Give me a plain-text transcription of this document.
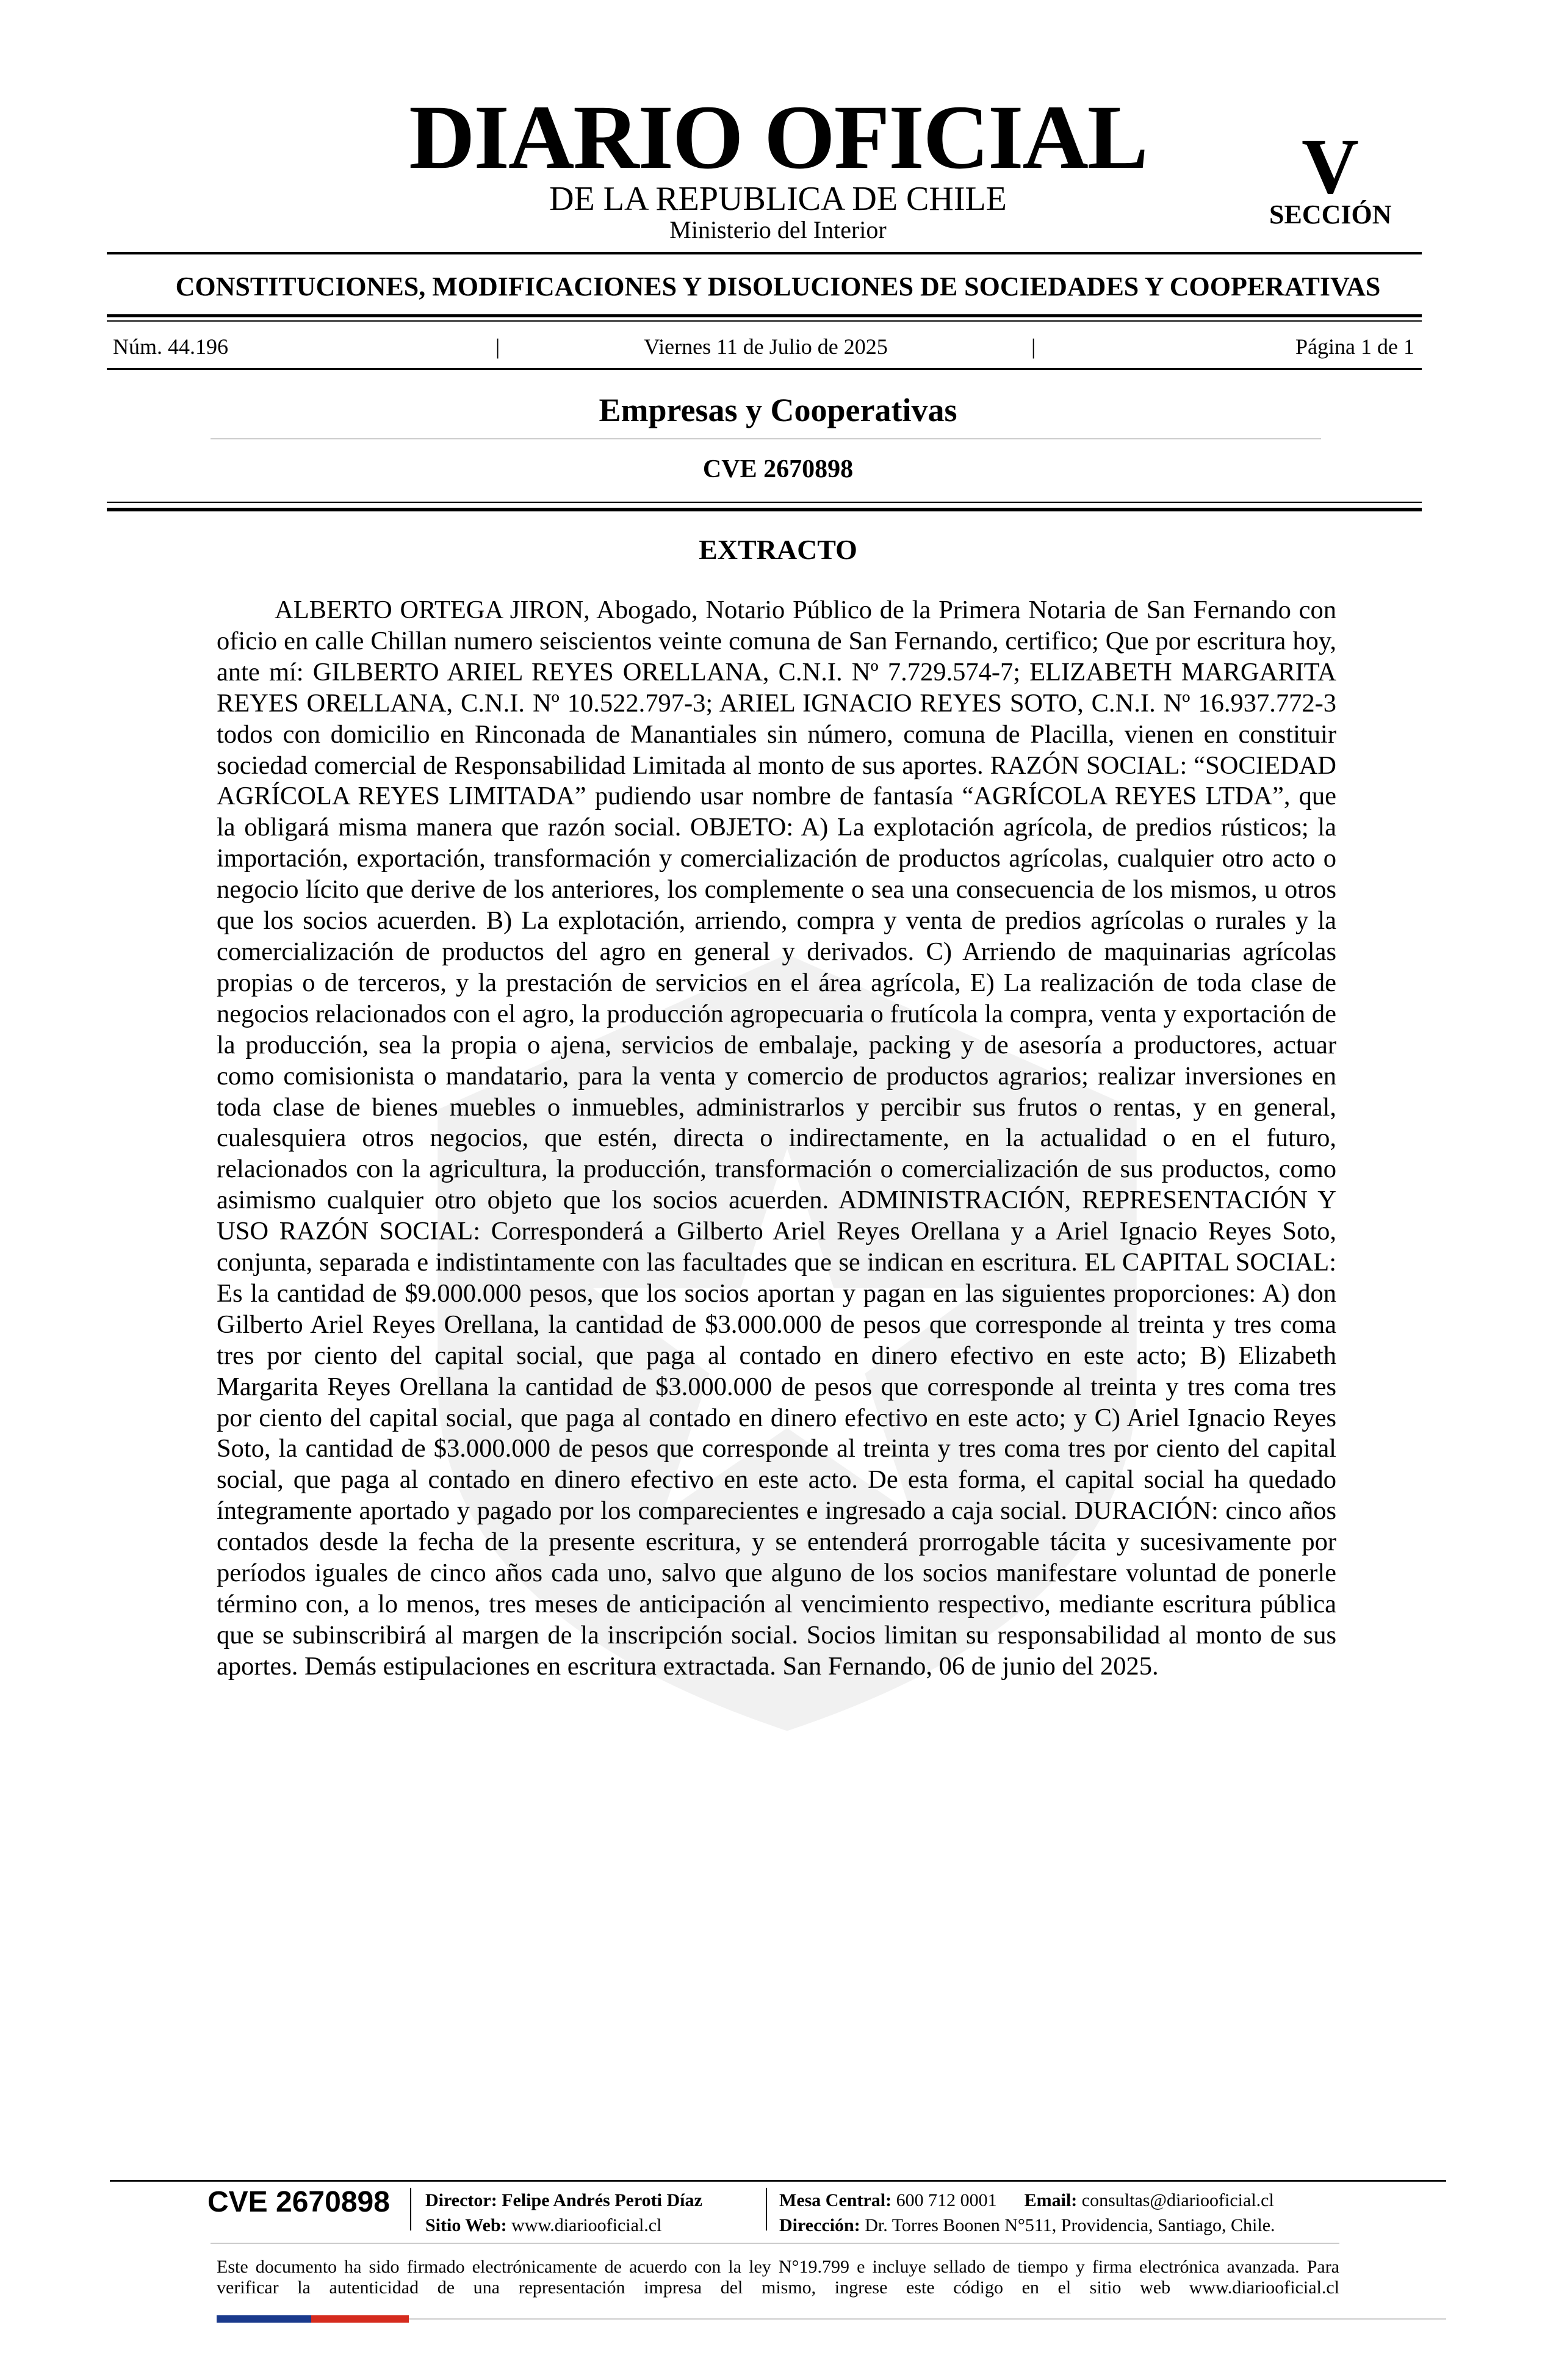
DIARIO OFICIAL
DE LA REPUBLICA DE CHILE
Ministerio del Interior
V
SECCIÓN
CONSTITUCIONES, MODIFICACIONES Y DISOLUCIONES DE SOCIEDADES Y COOPERATIVAS
Núm. 44.196	|	Viernes 11 de Julio de 2025	|	Página 1 de 1
Empresas y Cooperativas
CVE 2670898
EXTRACTO

ALBERTO ORTEGA JIRON, Abogado, Notario Público de la Primera Notaria de San Fernando con oficio en calle Chillan numero seiscientos veinte comuna de San Fernando, certifico; Que por escritura hoy, ante mí: GILBERTO ARIEL REYES ORELLANA, C.N.I. Nº 7.729.574-7; ELIZABETH MARGARITA REYES ORELLANA, C.N.I. Nº 10.522.797-3; ARIEL IGNACIO REYES SOTO, C.N.I. Nº 16.937.772-3 todos con domicilio en Rinconada de Manantiales sin número, comuna de Placilla, vienen en constituir sociedad comercial de Responsabilidad Limitada al monto de sus aportes. RAZÓN SOCIAL: “SOCIEDAD AGRÍCOLA REYES LIMITADA” pudiendo usar nombre de fantasía “AGRÍCOLA REYES LTDA”, que la obligará misma manera que razón social. OBJETO: A) La explotación agrícola, de predios rústicos; la importación, exportación, transformación y comercialización de productos agrícolas, cualquier otro acto o negocio lícito que derive de los anteriores, los complemente o sea una consecuencia de los mismos, u otros que los socios acuerden. B) La explotación, arriendo, compra y venta de predios agrícolas o rurales y la comercialización de productos del agro en general y derivados. C) Arriendo de maquinarias agrícolas propias o de terceros, y la prestación de servicios en el área agrícola, E) La realización de toda clase de negocios relacionados con el agro, la producción agropecuaria o frutícola la compra, venta y exportación de la producción, sea la propia o ajena, servicios de embalaje, packing y de asesoría a productores, actuar como comisionista o mandatario, para la venta y comercio de productos agrarios; realizar inversiones en toda clase de bienes muebles o inmuebles, administrarlos y percibir sus frutos o rentas, y en general, cualesquiera otros negocios, que estén, directa o indirectamente, en la actualidad o en el futuro, relacionados con la agricultura, la producción, transformación o comercialización de sus productos, como asimismo cualquier otro objeto que los socios acuerden. ADMINISTRACIÓN, REPRESENTACIÓN Y USO RAZÓN SOCIAL: Corresponderá a Gilberto Ariel Reyes Orellana y a Ariel Ignacio Reyes Soto, conjunta, separada e indistintamente con las facultades que se indican en escritura. EL CAPITAL SOCIAL: Es la cantidad de $9.000.000 pesos, que los socios aportan y pagan en las siguientes proporciones: A) don Gilberto Ariel Reyes Orellana, la cantidad de $3.000.000 de pesos que corresponde al treinta y tres coma tres por ciento del capital social, que paga al contado en dinero efectivo en este acto; B) Elizabeth Margarita Reyes Orellana la cantidad de $3.000.000 de pesos que corresponde al treinta y tres coma tres por ciento del capital social, que paga al contado en dinero efectivo en este acto; y C) Ariel Ignacio Reyes Soto, la cantidad de $3.000.000 de pesos que corresponde al treinta y tres coma tres por ciento del capital social, que paga al contado en dinero efectivo en este acto. De esta forma, el capital social ha quedado íntegramente aportado y pagado por los comparecientes e ingresado a caja social. DURACIÓN: cinco años contados desde la fecha de la presente escritura, y se entenderá prorrogable tácita y sucesivamente por períodos iguales de cinco años cada uno, salvo que alguno de los socios manifestare voluntad de ponerle término con, a lo menos, tres meses de anticipación al vencimiento respectivo, mediante escritura pública que se subinscribirá al margen de la inscripción social. Socios limitan su responsabilidad al monto de sus aportes. Demás estipulaciones en escritura extractada. San Fernando, 06 de junio del 2025.

CVE 2670898 Director: Felipe Andrés Peroti Díaz
Sitio Web: www.diariooficial.cl
Mesa Central: 600 712 0001 Email: consultas@diariooficial.cl
Dirección: Dr. Torres Boonen N°511, Providencia, Santiago, Chile.

Este documento ha sido firmado electrónicamente de acuerdo con la ley N°19.799 e incluye sellado de tiempo y firma electrónica avanzada. Para verificar la autenticidad de una representación impresa del mismo, ingrese este código en el sitio web www.diariooficial.cl
